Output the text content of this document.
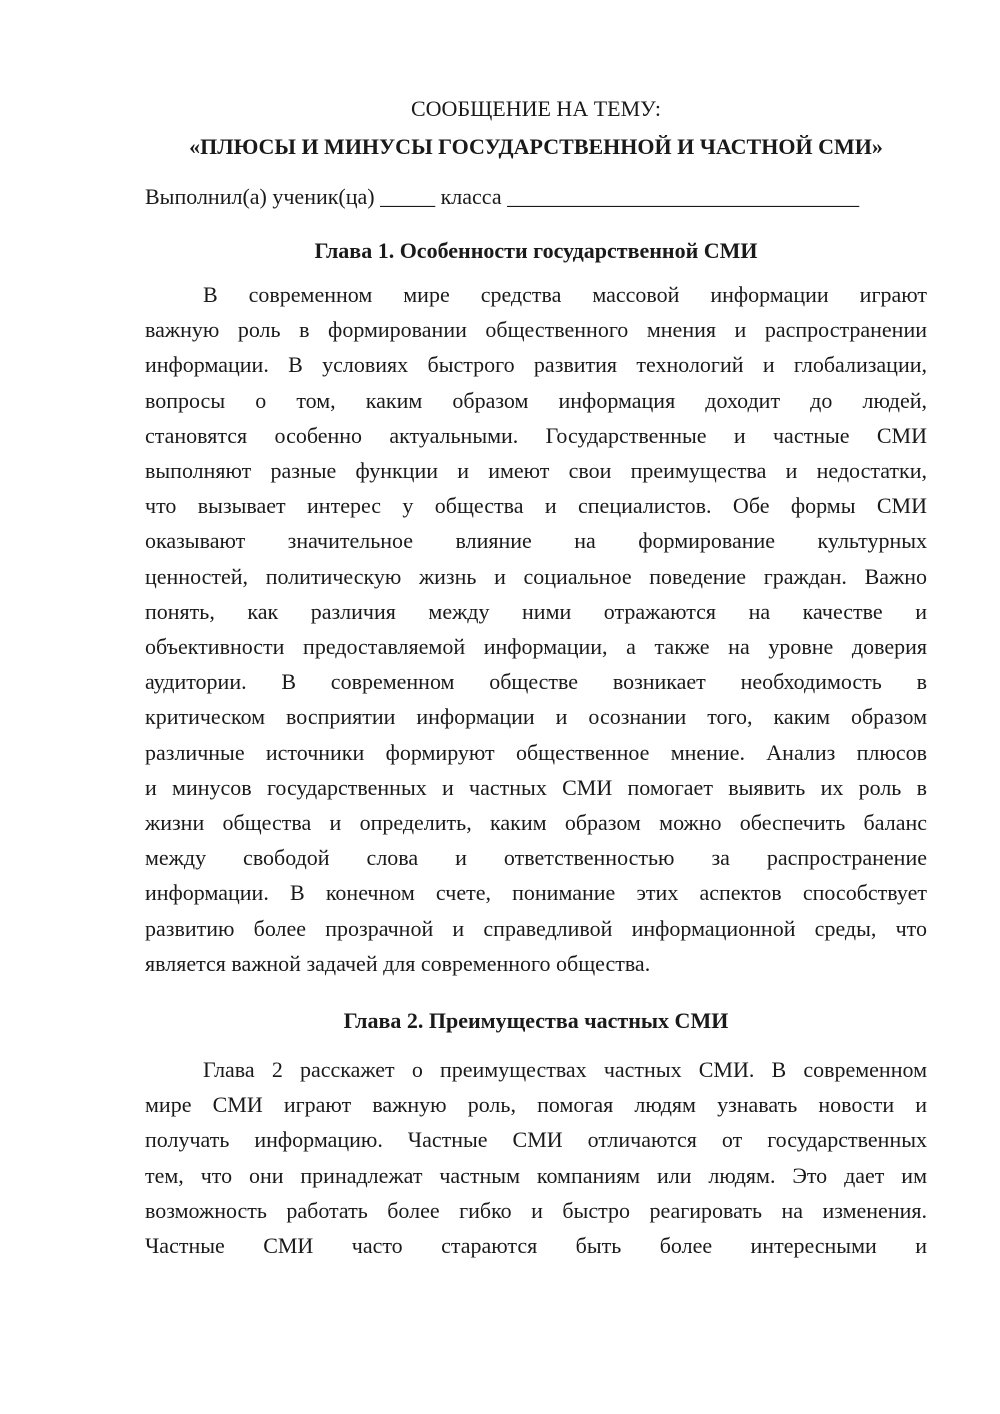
СООБЩЕНИЕ НА ТЕМУ:

«ПЛЮСЫ И МИНУСЫ ГОСУДАРСТВЕННОЙ И ЧАСТНОЙ СМИ»

Выполнил(а) ученик(ца) _____ класса ________________________________

Глава 1. Особенности государственной СМИ
В современном мире средства массовой информации играют
важную роль в формировании общественного мнения и распространении
информации. В условиях быстрого развития технологий и глобализации,
вопросы о том, каким образом информация доходит до людей,
становятся особенно актуальными. Государственные и частные СМИ
выполняют разные функции и имеют свои преимущества и недостатки,
что вызывает интерес у общества и специалистов. Обе формы СМИ
оказывают значительное влияние на формирование культурных
ценностей, политическую жизнь и социальное поведение граждан. Важно
понять, как различия между ними отражаются на качестве и
объективности предоставляемой информации, а также на уровне доверия
аудитории. В современном обществе возникает необходимость в
критическом восприятии информации и осознании того, каким образом
различные источники формируют общественное мнение. Анализ плюсов
и минусов государственных и частных СМИ помогает выявить их роль в
жизни общества и определить, каким образом можно обеспечить баланс
между свободой слова и ответственностью за распространение
информации. В конечном счете, понимание этих аспектов способствует
развитию более прозрачной и справедливой информационной среды, что
является важной задачей для современного общества.
Глава 2. Преимущества частных СМИ
Глава 2 расскажет о преимуществах частных СМИ. В современном
мире СМИ играют важную роль, помогая людям узнавать новости и
получать информацию. Частные СМИ отличаются от государственных
тем, что они принадлежат частным компаниям или людям. Это дает им
возможность работать более гибко и быстро реагировать на изменения.
Частные СМИ часто стараются быть более интересными и
